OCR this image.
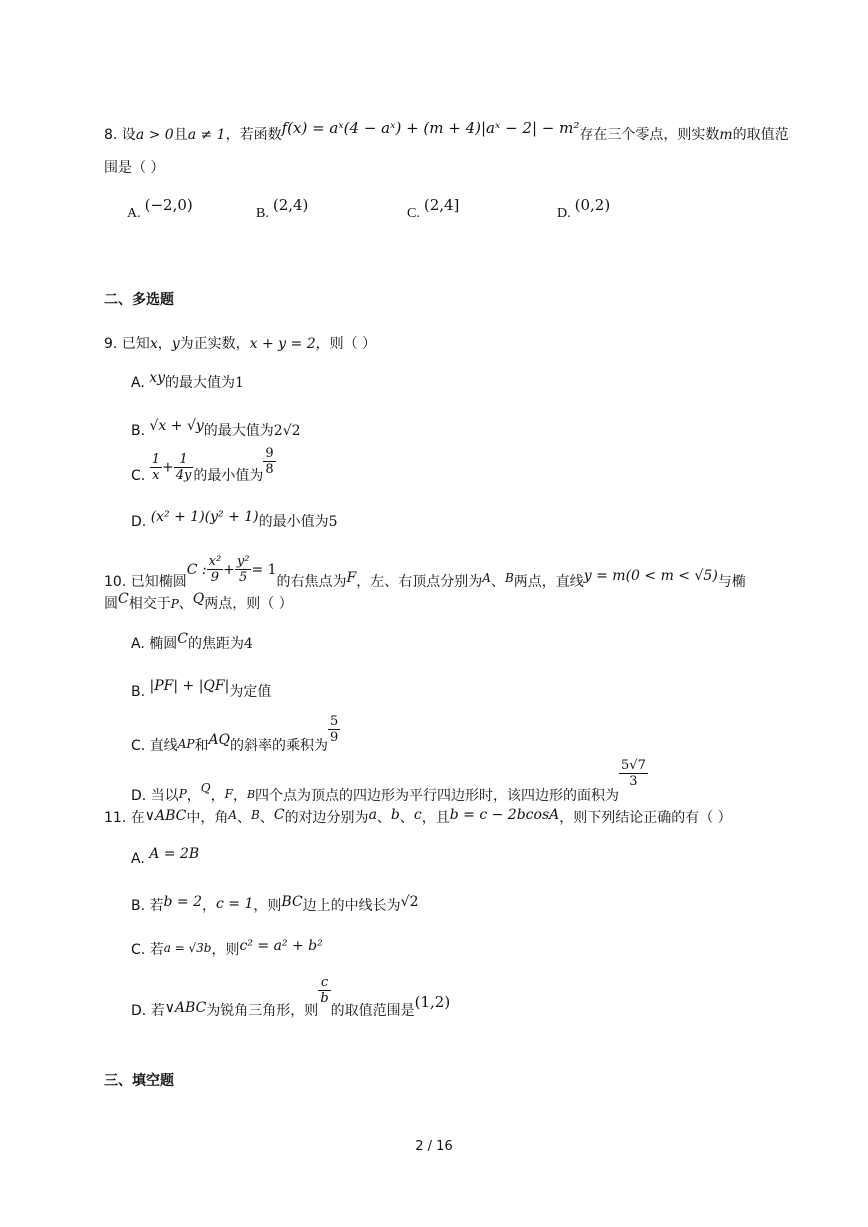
8. 设a > 0且a ≠ 1，若函数f(x) = aˣ(4 − aˣ) + (m + 4)|aˣ − 2| − m²存在三个零点，则实数m的取值范
围是（ ）
A. (−2,0)	B. (2,4)	C. (2,4]	D. (0,2)
二、多选题
9. 已知x，y为正实数，x + y = 2，则（ ）
A. xy的最大值为1
B. √x + √y的最大值为2√2
C. $\frac{1}{x} + \frac{1}{4y}$ 的最小值为 $\frac{9}{8}$
D. (x² + 1)(y² + 1)的最小值为5
10. 已知椭圆C : $\frac{\text{x²}}{9} + \frac{\text{y²}}{5} = 1$的右焦点为F，左、右顶点分别为A、B两点，直线y = m(0 < m < √5)与椭
圆C相交于P、Q两点，则（ ）
A. 椭圆C的焦距为4
B. |PF| + |QF|为定值
C. 直线AP和AQ的斜率的乘积为
$\frac{5}{9}$
D. 当以P，Q，F，$_B$四个点为顶点的四边形为平行四边形时，该四边形的面积为
$\frac{5√7}{3}$
11. 在∨ABC中，角A、B、C的对边分别为a、b、c，且b = c − 2bcosA，则下列结论正确的有（ ）
A. A = 2B
B. 若b = 2，c = 1，则BC边上的中线长为√2
C. 若a = √3b，则c² = a² + b²
D. 若∨ABC为锐角三角形，则
$\frac{c}{b}$
的取值范围是(1,2)
三、填空题
2 / 16
